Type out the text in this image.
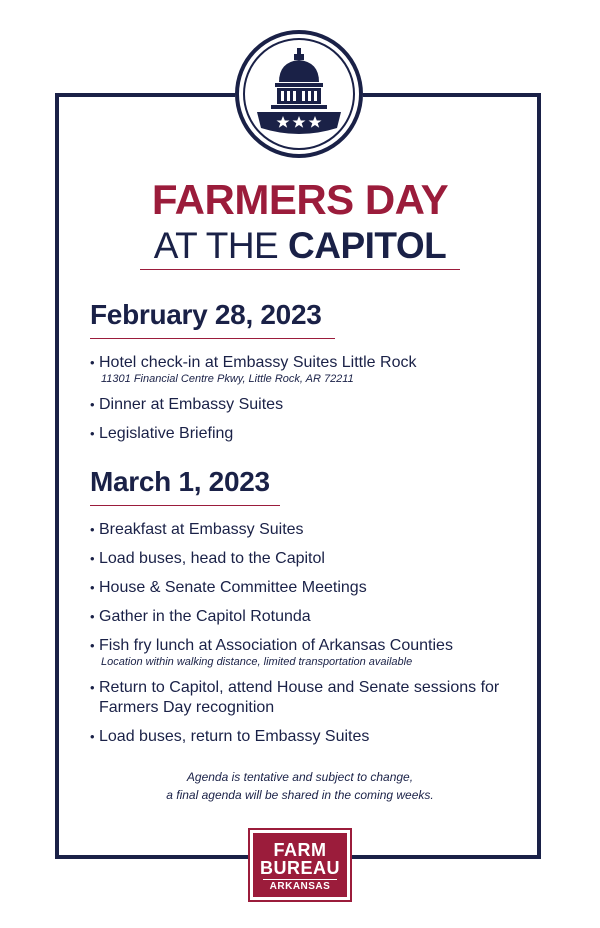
FARMERS DAY
AT THE CAPITOL
February 28, 2023
• Hotel check-in at Embassy Suites Little Rock
11301 Financial Centre Pkwy, Little Rock, AR 72211
• Dinner at Embassy Suites
• Legislative Briefing
March 1, 2023
• Breakfast at Embassy Suites
• Load buses, head to the Capitol
• House & Senate Committee Meetings
• Gather in the Capitol Rotunda
• Fish fry lunch at Association of Arkansas Counties
Location within walking distance, limited transportation available
• Return to Capitol, attend House and Senate sessions for Farmers Day recognition
• Load buses, return to Embassy Suites
Agenda is tentative and subject to change,
a final agenda will be shared in the coming weeks.
FARM
BUREAU
ARKANSAS
